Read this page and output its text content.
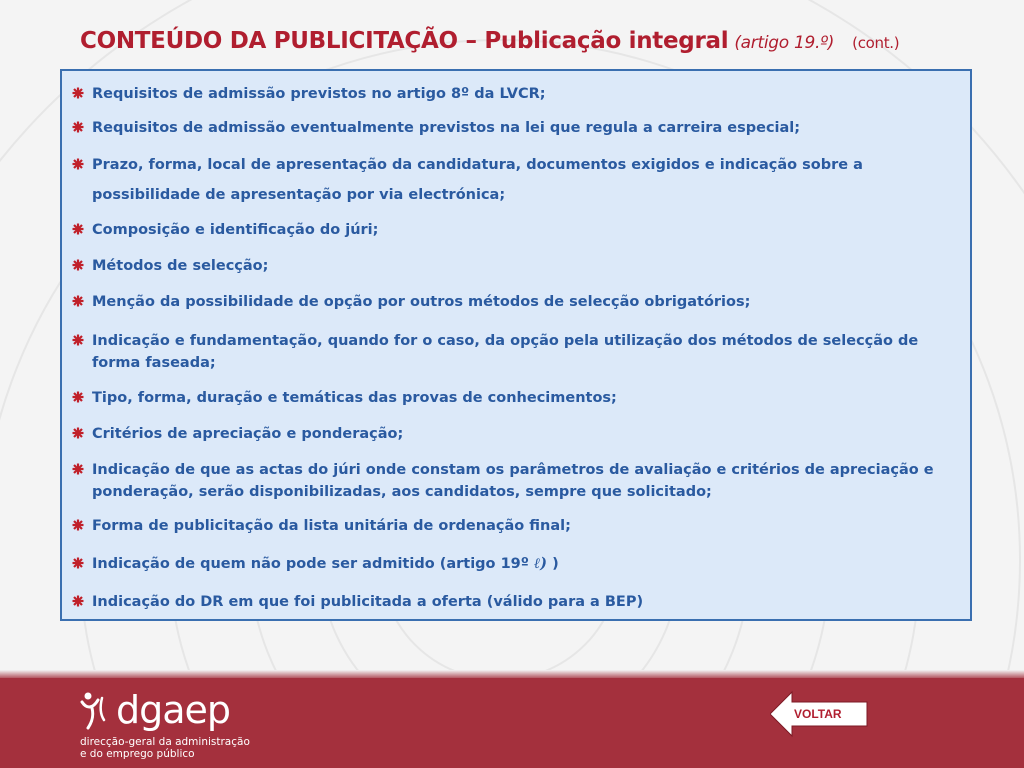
CONTEÚDO DA PUBLICITAÇÃO – Publicação integral (artigo 19.º) (cont.)
Requisitos de admissão previstos no artigo 8º da LVCR;
Requisitos de admissão eventualmente previstos na lei que regula a carreira especial;
Prazo, forma, local de apresentação da candidatura, documentos exigidos e indicação sobre a possibilidade de apresentação por via electrónica;
Composição e identificação do júri;
Métodos de selecção;
Menção da possibilidade de opção por outros métodos de selecção obrigatórios;
Indicação e fundamentação, quando for o caso, da opção pela utilização dos métodos de selecção de forma faseada;
Tipo, forma, duração e temáticas das provas de conhecimentos;
Critérios de apreciação e ponderação;
Indicação de que as actas do júri onde constam os parâmetros de avaliação e critérios de apreciação e ponderação, serão disponibilizadas, aos candidatos, sempre que solicitado;
Forma de publicitação da lista unitária de ordenação final;
Indicação de quem não pode ser admitido (artigo 19º ℓ) )
Indicação do DR em que foi publicitada a oferta (válido para a BEP)
dgaep
direcção-geral da administração
e do emprego público
VOLTAR
